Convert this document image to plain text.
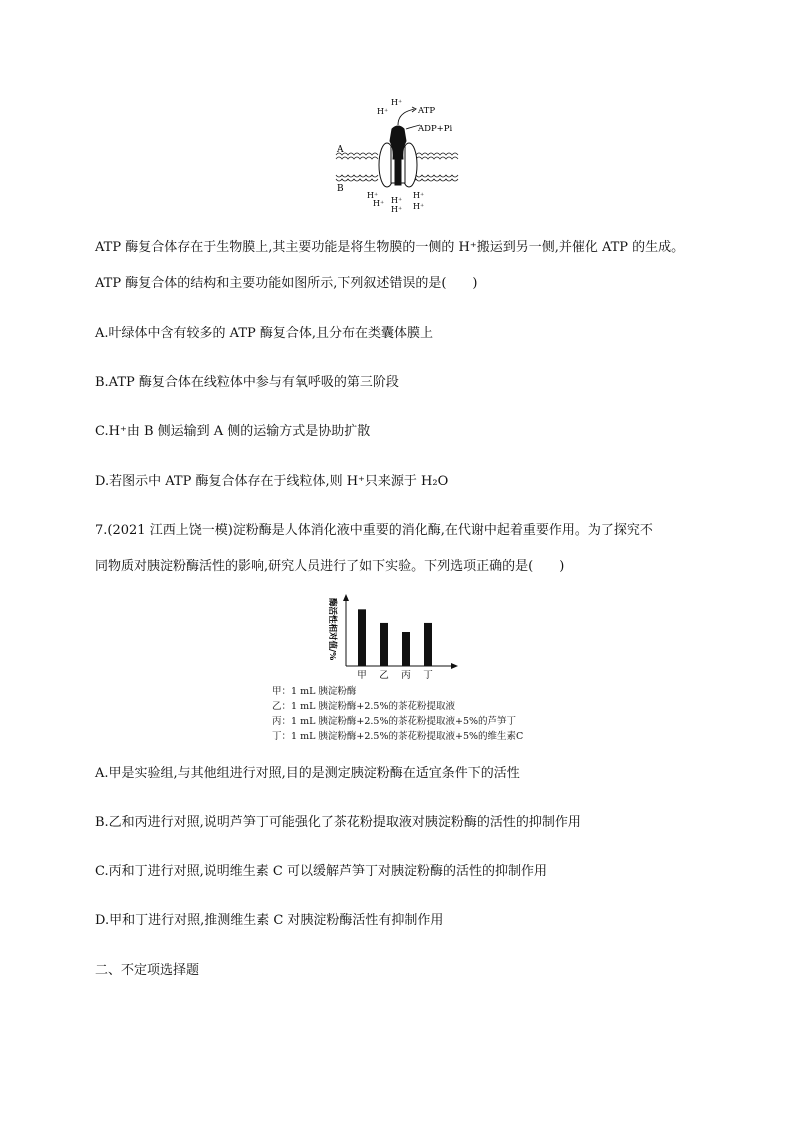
H⁺
H⁺	ATP
ADP+Pi
A
B
H⁺
H⁺ H⁺
H⁺
H⁺
H⁺
ATP 酶复合体存在于生物膜上,其主要功能是将生物膜的一侧的 H⁺搬运到另一侧,并催化 ATP 的生成。
ATP 酶复合体的结构和主要功能如图所示,下列叙述错误的是(　　)
A.叶绿体中含有较多的 ATP 酶复合体,且分布在类囊体膜上
B.ATP 酶复合体在线粒体中参与有氧呼吸的第三阶段
C.H⁺由 B 侧运输到 A 侧的运输方式是协助扩散
D.若图示中 ATP 酶复合体存在于线粒体,则 H⁺只来源于 H₂O
7.(2021 江西上饶一模)淀粉酶是人体消化液中重要的消化酶,在代谢中起着重要作用。为了探究不
同物质对胰淀粉酶活性的影响,研究人员进行了如下实验。下列选项正确的是(　　)
酶活性相对值/%
甲 乙 丙 丁
甲：1 mL 胰淀粉酶
乙：1 mL 胰淀粉酶+2.5%的茶花粉提取液
丙：1 mL 胰淀粉酶+2.5%的茶花粉提取液+5%的芦笋丁
丁：1 mL 胰淀粉酶+2.5%的茶花粉提取液+5%的维生素C
A.甲是实验组,与其他组进行对照,目的是测定胰淀粉酶在适宜条件下的活性
B.乙和丙进行对照,说明芦笋丁可能强化了茶花粉提取液对胰淀粉酶的活性的抑制作用
C.丙和丁进行对照,说明维生素 C 可以缓解芦笋丁对胰淀粉酶的活性的抑制作用
D.甲和丁进行对照,推测维生素 C 对胰淀粉酶活性有抑制作用
二、不定项选择题
